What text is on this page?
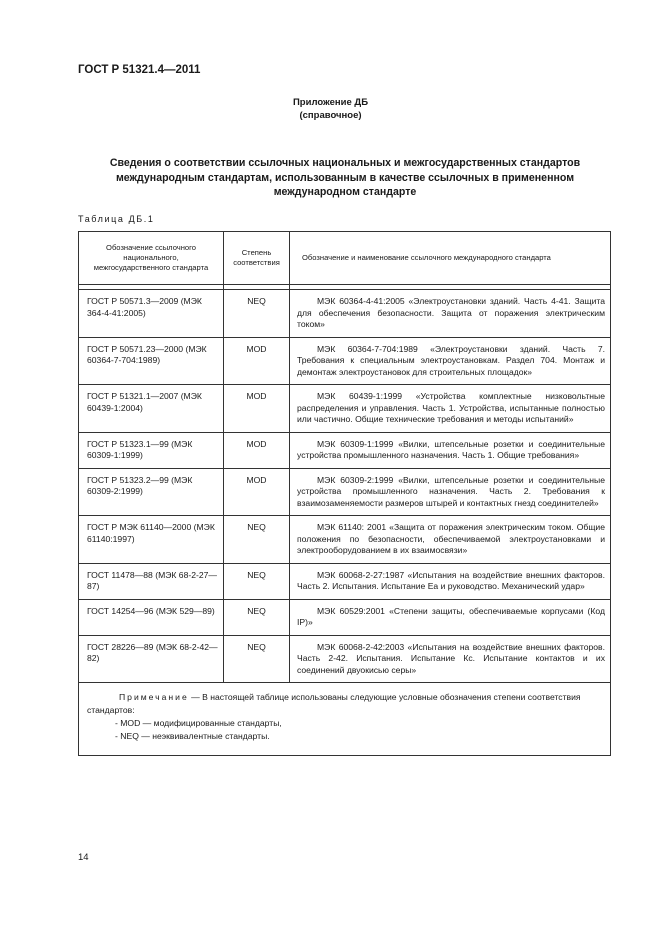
ГОСТ Р 51321.4—2011
Приложение ДБ
(справочное)
Сведения о соответствии ссылочных национальных и межгосударственных стандартов
международным стандартам, использованным в качестве ссылочных в примененном
международном стандарте
Таблица ДБ.1
Обозначение ссылочного национального, межгосударственного стандарта	Степень соответствия	Обозначение и наименование ссылочного международного стандарта

ГОСТ Р 50571.3—2009 (МЭК 364-4-41:2005)	NEQ	МЭК 60364-4-41:2005 «Электроустановки зданий. Часть 4-41. Защита для обеспечения безопасности. Защита от поражения электрическим током»

ГОСТ Р 50571.23—2000 (МЭК 60364-7-704:1989)	MOD	МЭК 60364-7-704:1989 «Электроустановки зданий. Часть 7. Требования к специальным электроустановкам. Раздел 704. Монтаж и демонтаж электроустановок для строительных площадок»

ГОСТ Р 51321.1—2007 (МЭК 60439-1:2004)	MOD	МЭК 60439-1:1999 «Устройства комплектные низковольтные распределения и управления. Часть 1. Устройства, испытанные полностью или частично. Общие технические требования и методы испытаний»

ГОСТ Р 51323.1—99 (МЭК 60309-1:1999)	MOD	МЭК 60309-1:1999 «Вилки, штепсельные розетки и соединительные устройства промышленного назначения. Часть 1. Общие требования»

ГОСТ Р 51323.2—99 (МЭК 60309-2:1999)	MOD	МЭК 60309-2:1999 «Вилки, штепсельные розетки и соединительные устройства промышленного назначения. Часть 2. Требования к взаимозаменяемости размеров штырей и контактных гнезд соединителей»

ГОСТ Р МЭК 61140—2000 (МЭК 61140:1997)	NEQ	МЭК 61140: 2001 «Защита от поражения электрическим током. Общие положения по безопасности, обеспечиваемой электроустановками и электрооборудованием в их взаимосвязи»

ГОСТ 11478—88 (МЭК 68-2-27—87)	NEQ	МЭК 60068-2-27:1987 «Испытания на воздействие внешних факторов. Часть 2. Испытания. Испытание Еа и руководство. Механический удар»

ГОСТ 14254—96 (МЭК 529—89)	NEQ	МЭК 60529:2001 «Степени защиты, обеспечиваемые корпусами (Код IP)»

ГОСТ 28226—89 (МЭК 68-2-42—82)	NEQ	МЭК 60068-2-42:2003 «Испытания на воздействие внешних факторов. Часть 2-42. Испытания. Испытание Кс. Испытание контактов и их соединений двуокисью серы»

Примечание — В настоящей таблице использованы следующие условные обозначения степени соответствия стандартов:
- MOD — модифицированные стандарты,
- NEQ — неэквивалентные стандарты.		
14
